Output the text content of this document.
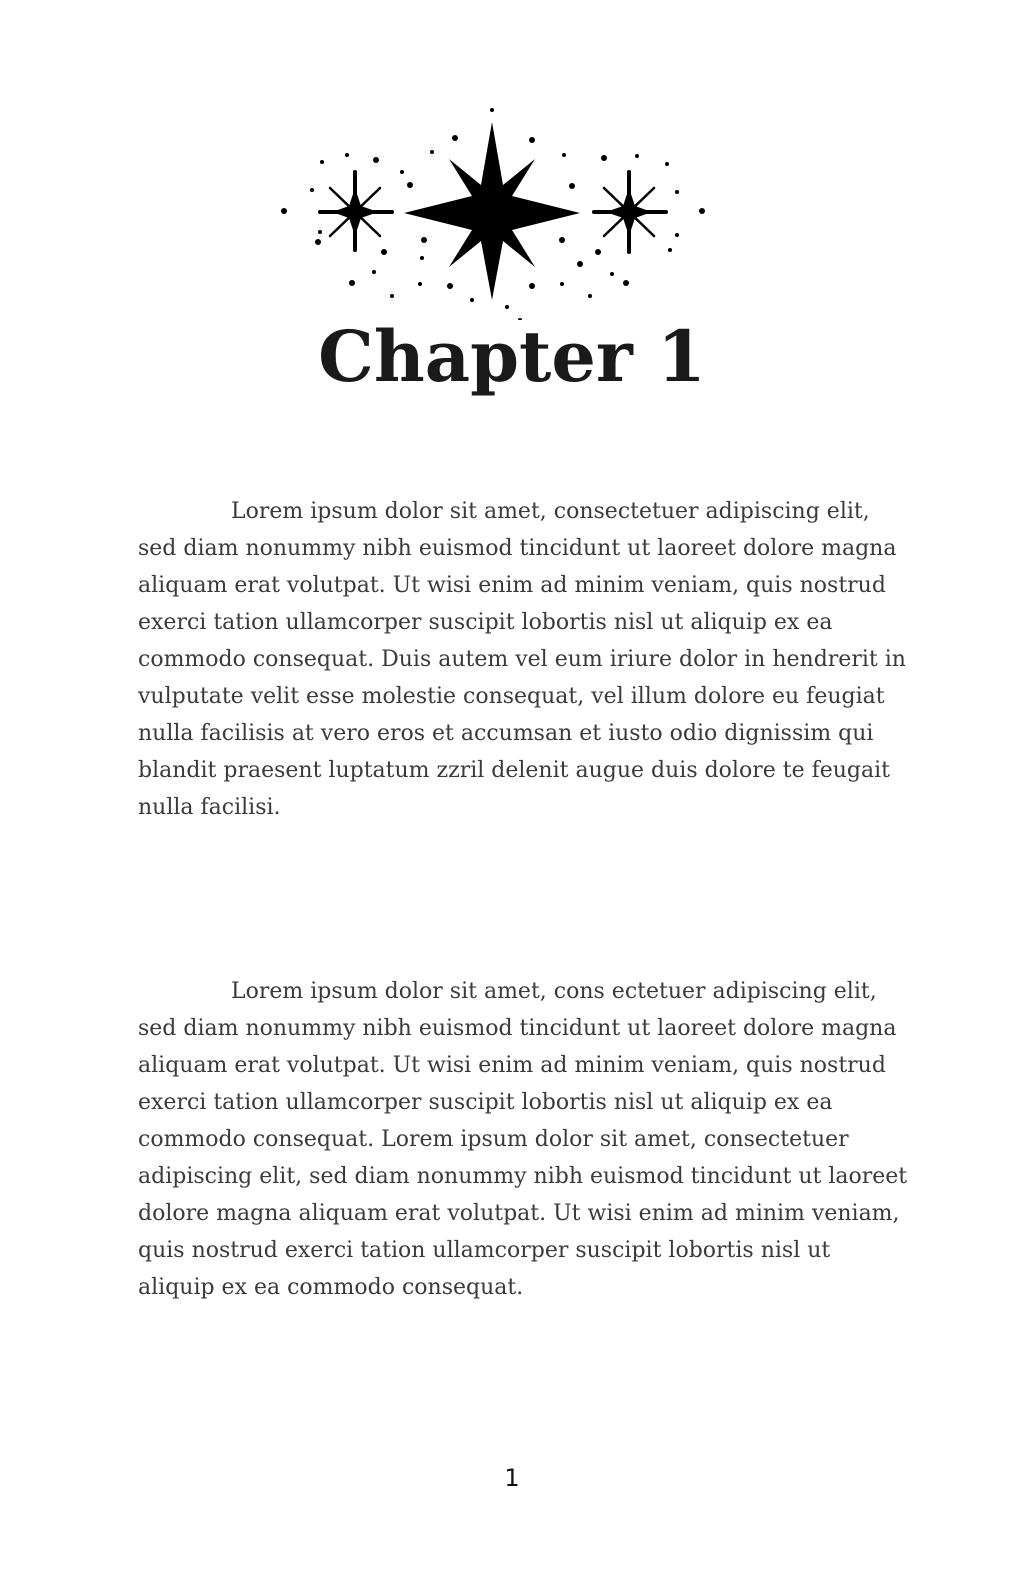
Chapter 1

Lorem ipsum dolor sit amet, consectetuer adipiscing elit, sed diam nonummy nibh euismod tincidunt ut laoreet dolore magna aliquam erat volutpat. Ut wisi enim ad minim veniam, quis nostrud exerci tation ullamcorper suscipit lobortis nisl ut aliquip ex ea commodo consequat. Duis autem vel eum iriure dolor in hendrerit in vulputate velit esse molestie consequat, vel illum dolore eu feugiat nulla facilisis at vero eros et accumsan et iusto odio dignissim qui blandit praesent luptatum zzril delenit augue duis dolore te feugait nulla facilisi.

Lorem ipsum dolor sit amet, cons ectetuer adipiscing elit, sed diam nonummy nibh euismod tincidunt ut laoreet dolore magna aliquam erat volutpat. Ut wisi enim ad minim veniam, quis nostrud exerci tation ullamcorper suscipit lobortis nisl ut aliquip ex ea commodo consequat. Lorem ipsum dolor sit amet, consectetuer adipiscing elit, sed diam nonummy nibh euismod tincidunt ut laoreet dolore magna aliquam erat volutpat. Ut wisi enim ad minim veniam, quis nostrud exerci tation ullamcorper suscipit lobortis nisl ut aliquip ex ea commodo consequat.

1
